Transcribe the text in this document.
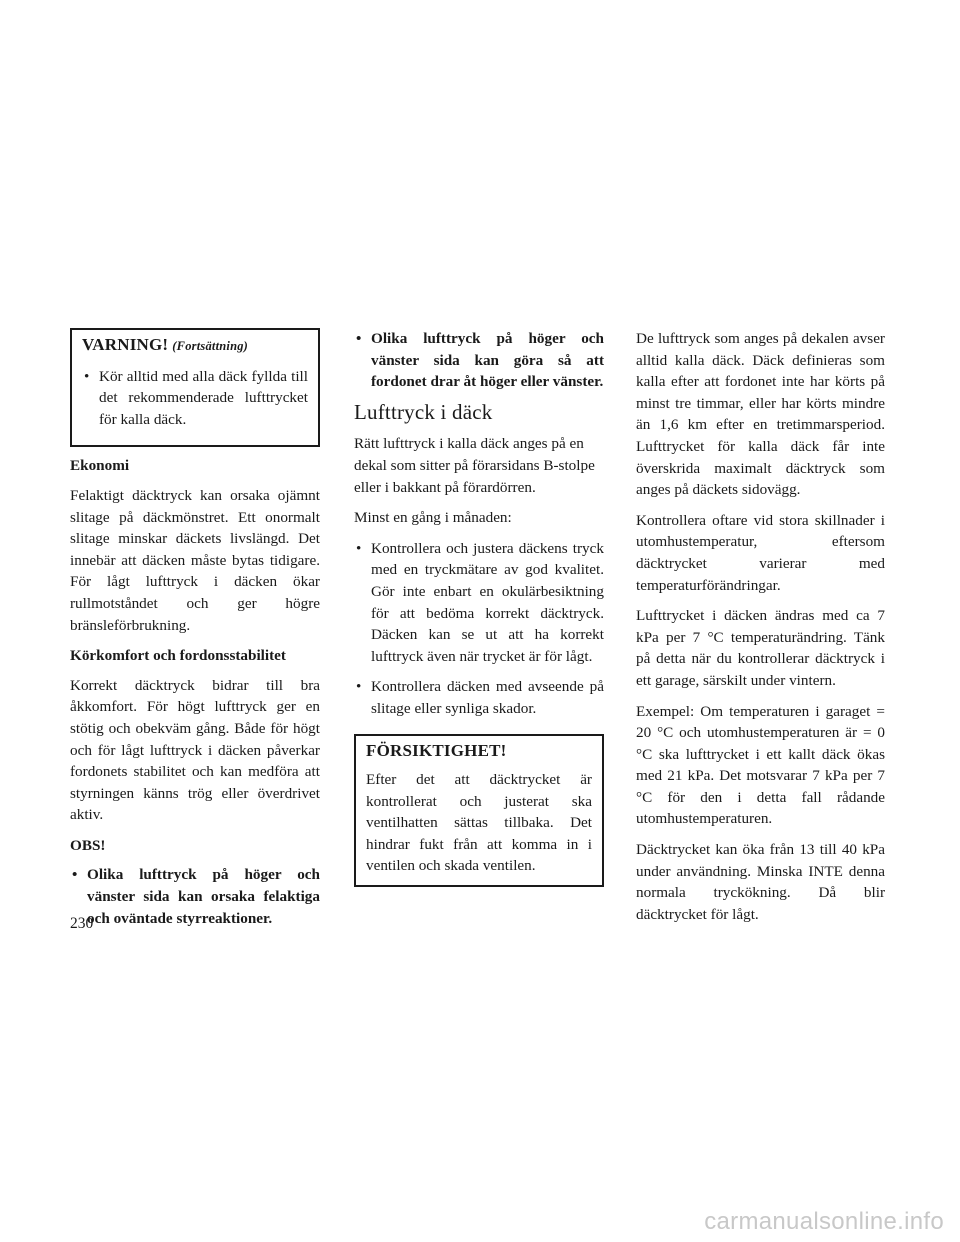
VARNING! (Fortsättning)
• Kör alltid med alla däck fyllda till det rekommenderade lufttrycket för kalla däck.
Ekonomi

Felaktigt däcktryck kan orsaka ojämnt slitage på däckmönstret. Ett onormalt slitage minskar däckets livslängd. Det innebär att däcken måste bytas tidigare. För lågt lufttryck i däcken ökar rullmotståndet och ger högre bränsleförbrukning.

Körkomfort och fordonsstabilitet

Korrekt däcktryck bidrar till bra åkkomfort. För högt lufttryck ger en stötig och obekväm gång. Både för högt och för lågt lufttryck i däcken påverkar fordonets stabilitet och kan medföra att styrningen känns trög eller överdrivet aktiv.

OBS!
• Olika lufttryck på höger och vänster sida kan orsaka felaktiga och oväntade styrreaktioner.
• Olika lufttryck på höger och vänster sida kan göra så att fordonet drar åt höger eller vänster.
Lufttryck i däck

Rätt lufttryck i kalla däck anges på en dekal som sitter på förarsidans B-stolpe eller i bakkant på förardörren.

Minst en gång i månaden:

• Kontrollera och justera däckens tryck med en tryckmätare av god kvalitet. Gör inte enbart en okulärbesiktning för att bedöma korrekt däcktryck. Däcken kan se ut att ha korrekt lufttryck även när trycket är för lågt.
• Kontrollera däcken med avseende på slitage eller synliga skador.
FÖRSIKTIGHET!

Efter det att däcktrycket är kontrollerat och justerat ska ventilhatten sättas tillbaka. Det hindrar fukt från att komma in i ventilen och skada ventilen.

De lufttryck som anges på dekalen avser alltid kalla däck. Däck definieras som kalla efter att fordonet inte har körts på minst tre timmar, eller har körts mindre än 1,6 km efter en tretimmarsperiod. Lufttrycket för kalla däck får inte överskrida maximalt däcktryck som anges på däckets sidovägg.

Kontrollera oftare vid stora skillnader i utomhustemperatur, eftersom däcktrycket varierar med temperaturförändringar.

Lufttrycket i däcken ändras med ca 7 kPa per 7 °C temperaturändring. Tänk på detta när du kontrollerar däcktryck i ett garage, särskilt under vintern.

Exempel: Om temperaturen i garaget = 20 °C och utomhustemperaturen är = 0 °C ska lufttrycket i ett kallt däck ökas med 21 kPa. Det motsvarar 7 kPa per 7 °C för den i detta fall rådande utomhustemperaturen.

Däcktrycket kan öka från 13 till 40 kPa under användning. Minska INTE denna normala tryckökning. Då blir däcktrycket för lågt.

230
carmanualsonline.info
